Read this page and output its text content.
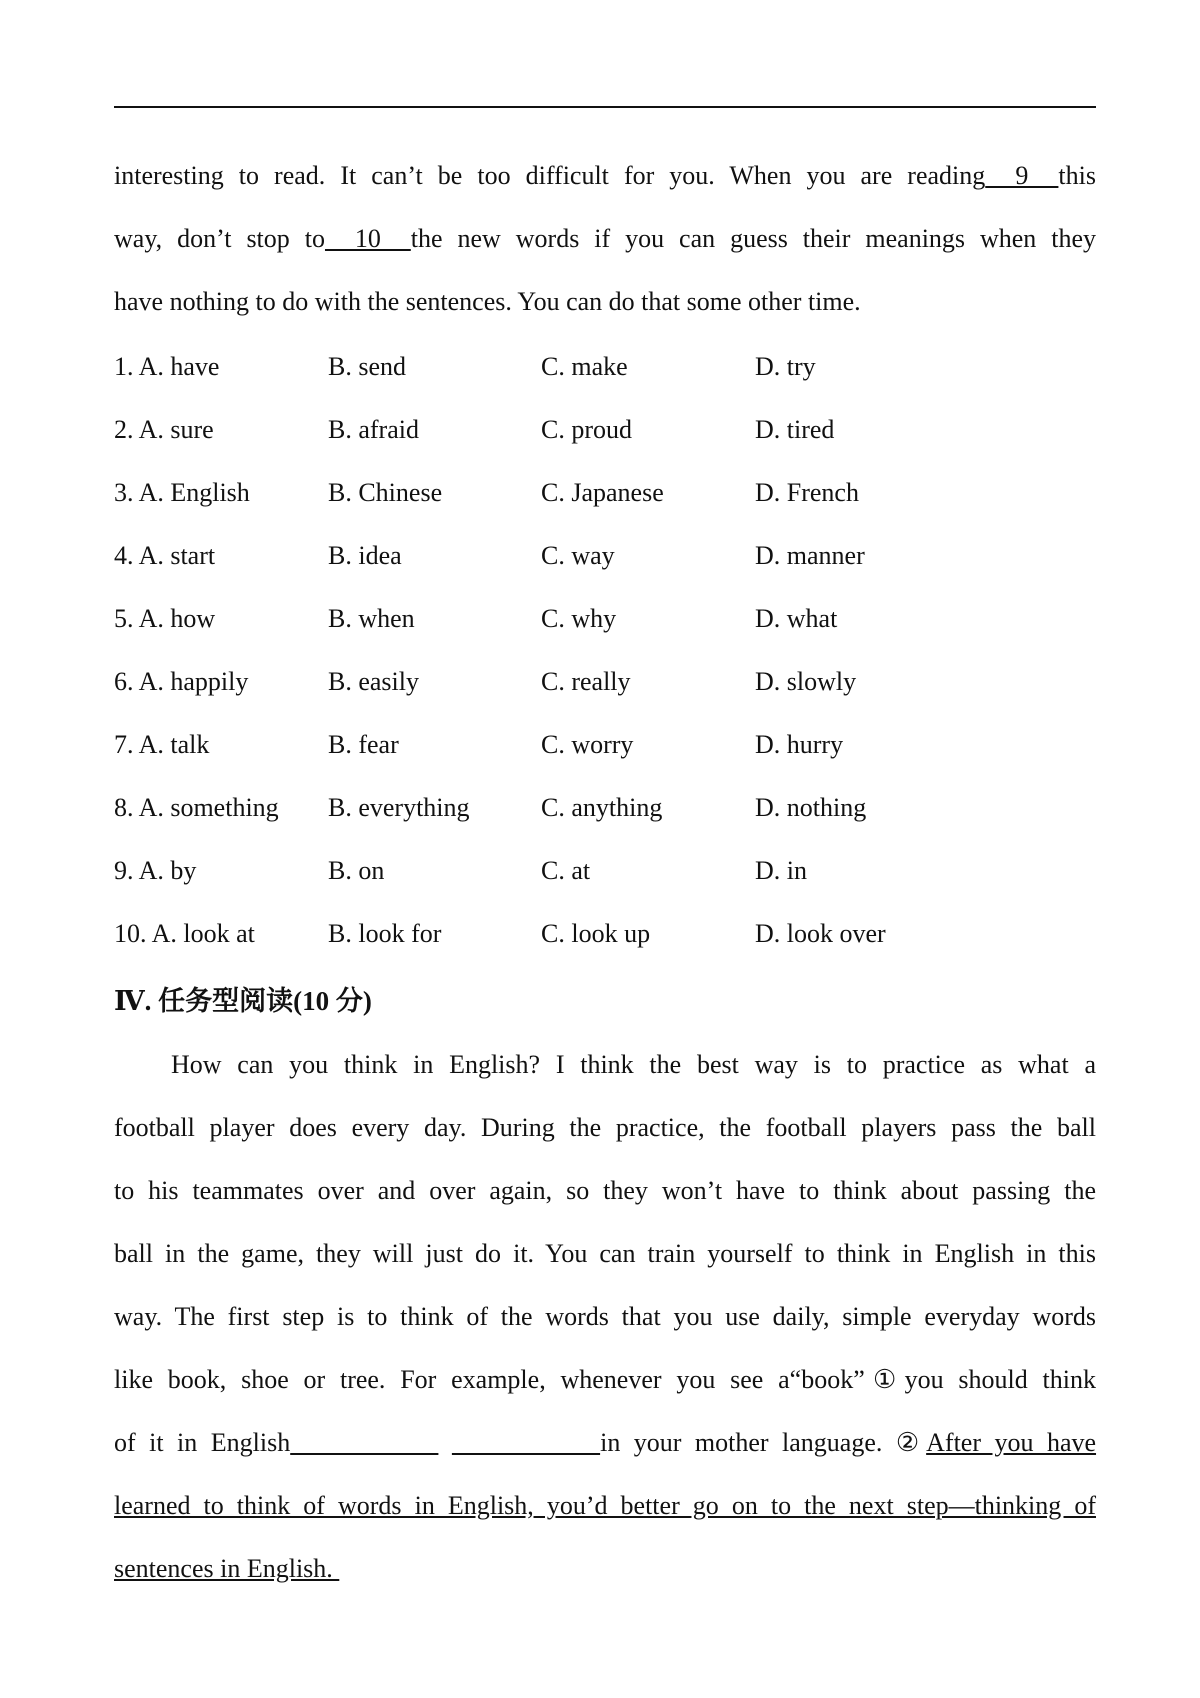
interesting to read. It can’t be too difficult for you. When you are reading  9  this
way, don’t stop to  10  the new words if you can guess their meanings when they
have nothing to do with the sentences. You can do that some other time.
1. A. have	B. send	C. make	D. try
2. A. sure	B. afraid	C. proud	D. tired
3. A. English	B. Chinese	C. Japanese	D. French
4. A. start	B. idea	C. way	D. manner
5. A. how	B. when	C. why	D. what
6. A. happily	B. easily	C. really	D. slowly
7. A. talk	B. fear	C. worry	D. hurry
8. A. something B. everything	C. anything	D. nothing
9. A. by	B. on	C. at	D. in
10. A. look at	B. look for	C. look up	D. look over
Ⅳ. 任务型阅读(10 分)
How can you think in English? I think the best way is to practice as what a
football player does every day. During the practice, the football players pass the ball
to his teammates over and over again, so they won’t have to think about passing the
ball in the game, they will just do it. You can train yourself to think in English in this
way. The first step is to think of the words that you use daily, simple everyday words
like book, shoe or tree. For example, whenever you see a“book”①you should think
of it in English	in your mother language. ②After you have
learned to think of words in English, you’d better go on to the next step—thinking of
sentences in English.
